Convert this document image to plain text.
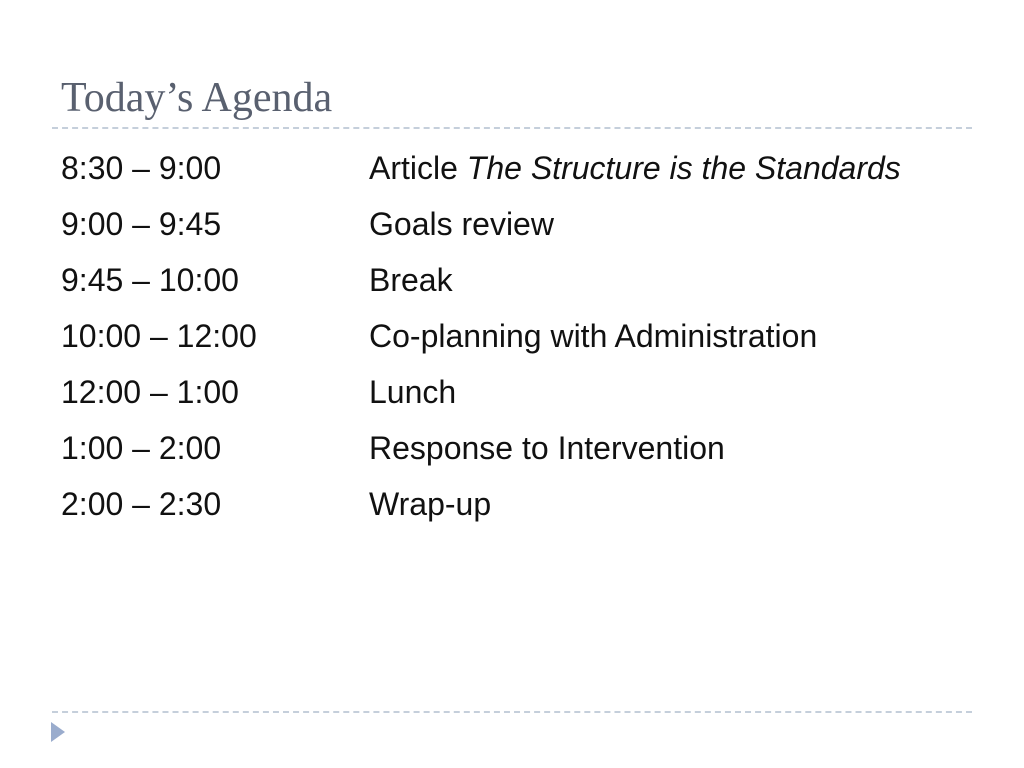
Today’s Agenda
8:30 – 9:00	Article The Structure is the Standards
9:00 – 9:45	Goals review
9:45 – 10:00	Break
10:00 – 12:00	Co-planning with Administration
12:00 – 1:00	Lunch
1:00 – 2:00	Response to Intervention
2:00 – 2:30	Wrap-up
